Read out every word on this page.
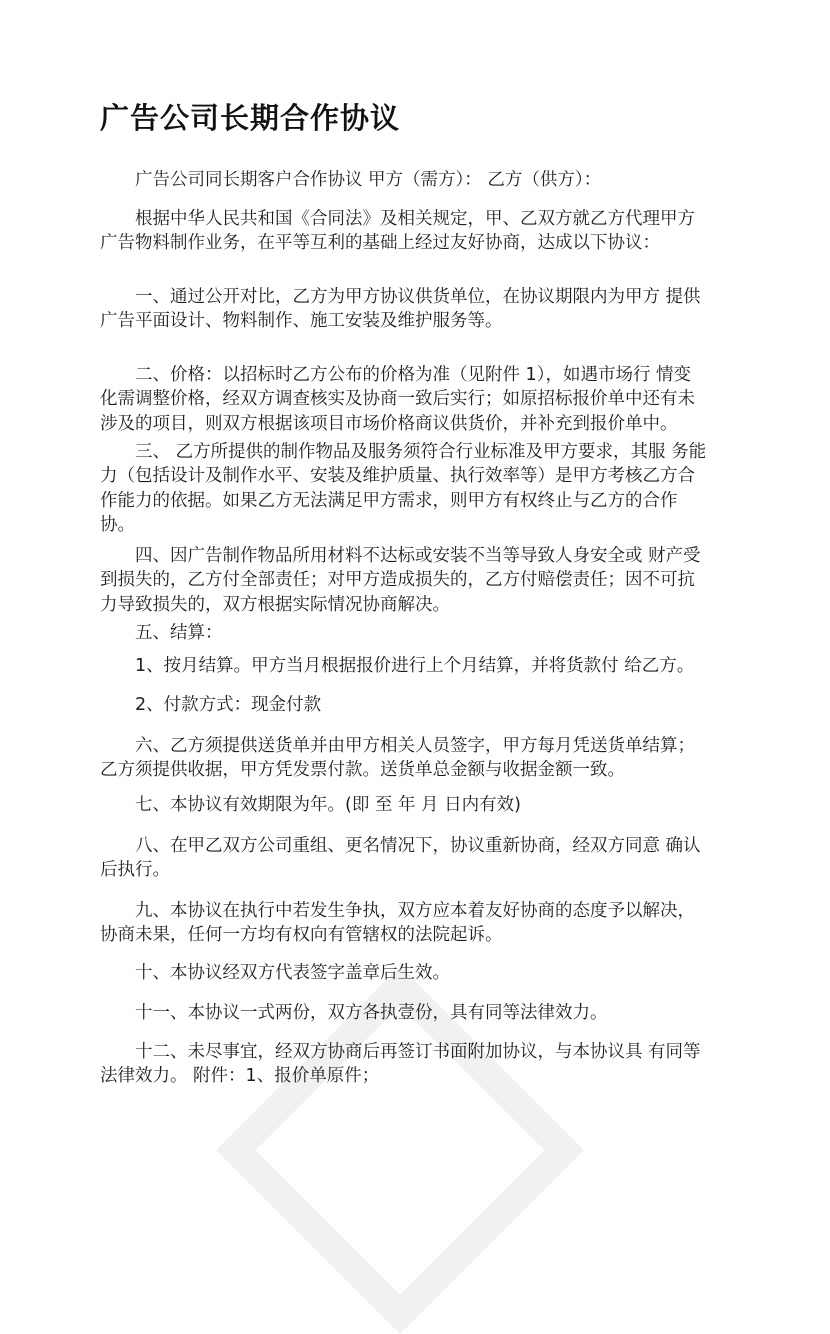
广告公司长期合作协议

广告公司同长期客户合作协议 甲方（需方）： 乙方（供方）：

根据中华人民共和国《合同法》及相关规定，甲、乙双方就乙方代理甲方
广告物料制作业务，在平等互利的基础上经过友好协商，达成以下协议：

一、通过公开对比，乙方为甲方协议供货单位，在协议期限内为甲方 提供
广告平面设计、物料制作、施工安装及维护服务等。

二、价格：以招标时乙方公布的价格为准（见附件 1），如遇市场行 情变
化需调整价格，经双方调查核实及协商一致后实行；如原招标报价单中还有未
涉及的项目，则双方根据该项目市场价格商议供货价，并补充到报价单中。

三、 乙方所提供的制作物品及服务须符合行业标准及甲方要求，其服 务能
力（包括设计及制作水平、安装及维护质量、执行效率等）是甲方考核乙方合
作能力的依据。如果乙方无法满足甲方需求，则甲方有权终止与乙方的合作
协。

四、因广告制作物品所用材料不达标或安装不当等导致人身安全或 财产受
到损失的，乙方付全部责任；对甲方造成损失的，乙方付赔偿责任；因不可抗
力导致损失的，双方根据实际情况协商解决。

五、结算：

1、按月结算。甲方当月根据报价进行上个月结算，并将货款付 给乙方。

2、付款方式：现金付款

六、乙方须提供送货单并由甲方相关人员签字，甲方每月凭送货单结算；
乙方须提供收据，甲方凭发票付款。送货单总金额与收据金额一致。

七、本协议有效期限为年。(即 至 年 月 日内有效)

八、在甲乙双方公司重组、更名情况下，协议重新协商，经双方同意 确认
后执行。

九、本协议在执行中若发生争执，双方应本着友好协商的态度予以解决，
协商未果，任何一方均有权向有管辖权的法院起诉。

十、本协议经双方代表签字盖章后生效。

十一、本协议一式两份，双方各执壹份，具有同等法律效力。

十二、未尽事宜，经双方协商后再签订书面附加协议，与本协议具 有同等
法律效力。 附件：1、报价单原件；
